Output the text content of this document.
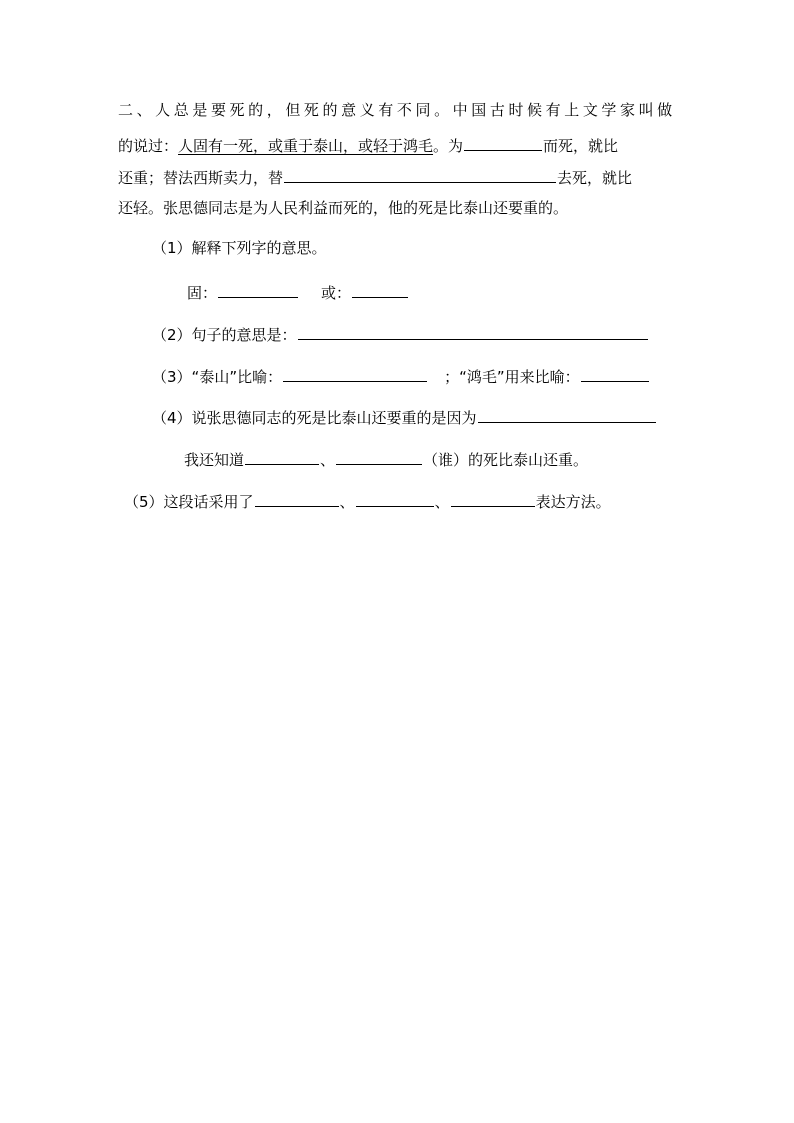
二、人总是要死的，但死的意义有不同。中国古时候有上文学家叫做
的说过：人固有一死，或重于泰山，或轻于鸿毛。为	而死，就比
还重；替法西斯卖力，替	去死，就比
还轻。张思德同志是为人民利益而死的，他的死是比泰山还要重的。
（1）解释下列字的意思。
固：	或：
（2）句子的意思是：
（3）“泰山”比喻：	；“鸿毛”用来比喻：
（4）说张思德同志的死是比泰山还要重的是因为
我还知道	、	（谁）的死比泰山还重。
（5）这段话采用了	、	、	表达方法。
